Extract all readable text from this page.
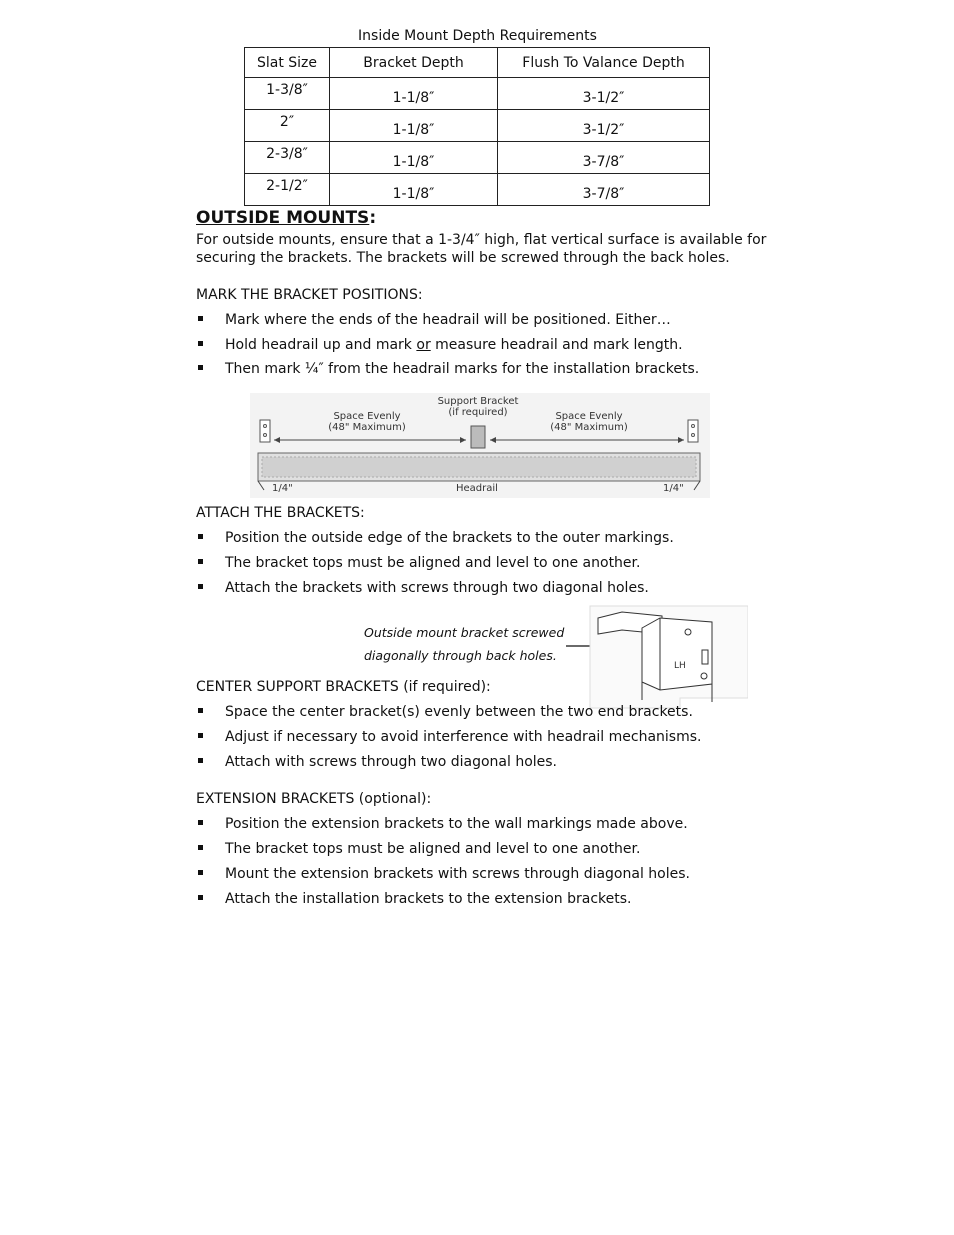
Inside Mount Depth Requirements
Slat Size	Bracket Depth	Flush To Valance Depth
1-3/8″	1-1/8″	3-1/2″
2″	1-1/8″	3-1/2″
2-3/8″	1-1/8″	3-7/8″
2-1/2″	1-1/8″	3-7/8″
OUTSIDE MOUNTS:
For outside mounts, ensure that a 1-3/4″ high, flat vertical surface is available for securing the brackets. The brackets will be screwed through the back holes.
MARK THE BRACKET POSITIONS:
Mark where the ends of the headrail will be positioned. Either…
Hold headrail up and mark or measure headrail and mark length.
Then mark ¼″ from the headrail marks for the installation brackets.
Space Evenly
(48" Maximum)
Support Bracket
(if required)	Space Evenly
(48" Maximum)
1/4"	Headrail	1/4"
ATTACH THE BRACKETS:
Position the outside edge of the brackets to the outer markings.
The bracket tops must be aligned and level to one another.
Attach the brackets with screws through two diagonal holes.
Outside mount bracket screwed
diagonally through back holes.
LH
CENTER SUPPORT BRACKETS (if required):
Space the center bracket(s) evenly between the two end brackets.
Adjust if necessary to avoid interference with headrail mechanisms.
Attach with screws through two diagonal holes.
EXTENSION BRACKETS (optional):
Position the extension brackets to the wall markings made above.
The bracket tops must be aligned and level to one another.
Mount the extension brackets with screws through diagonal holes.
Attach the installation brackets to the extension brackets.
